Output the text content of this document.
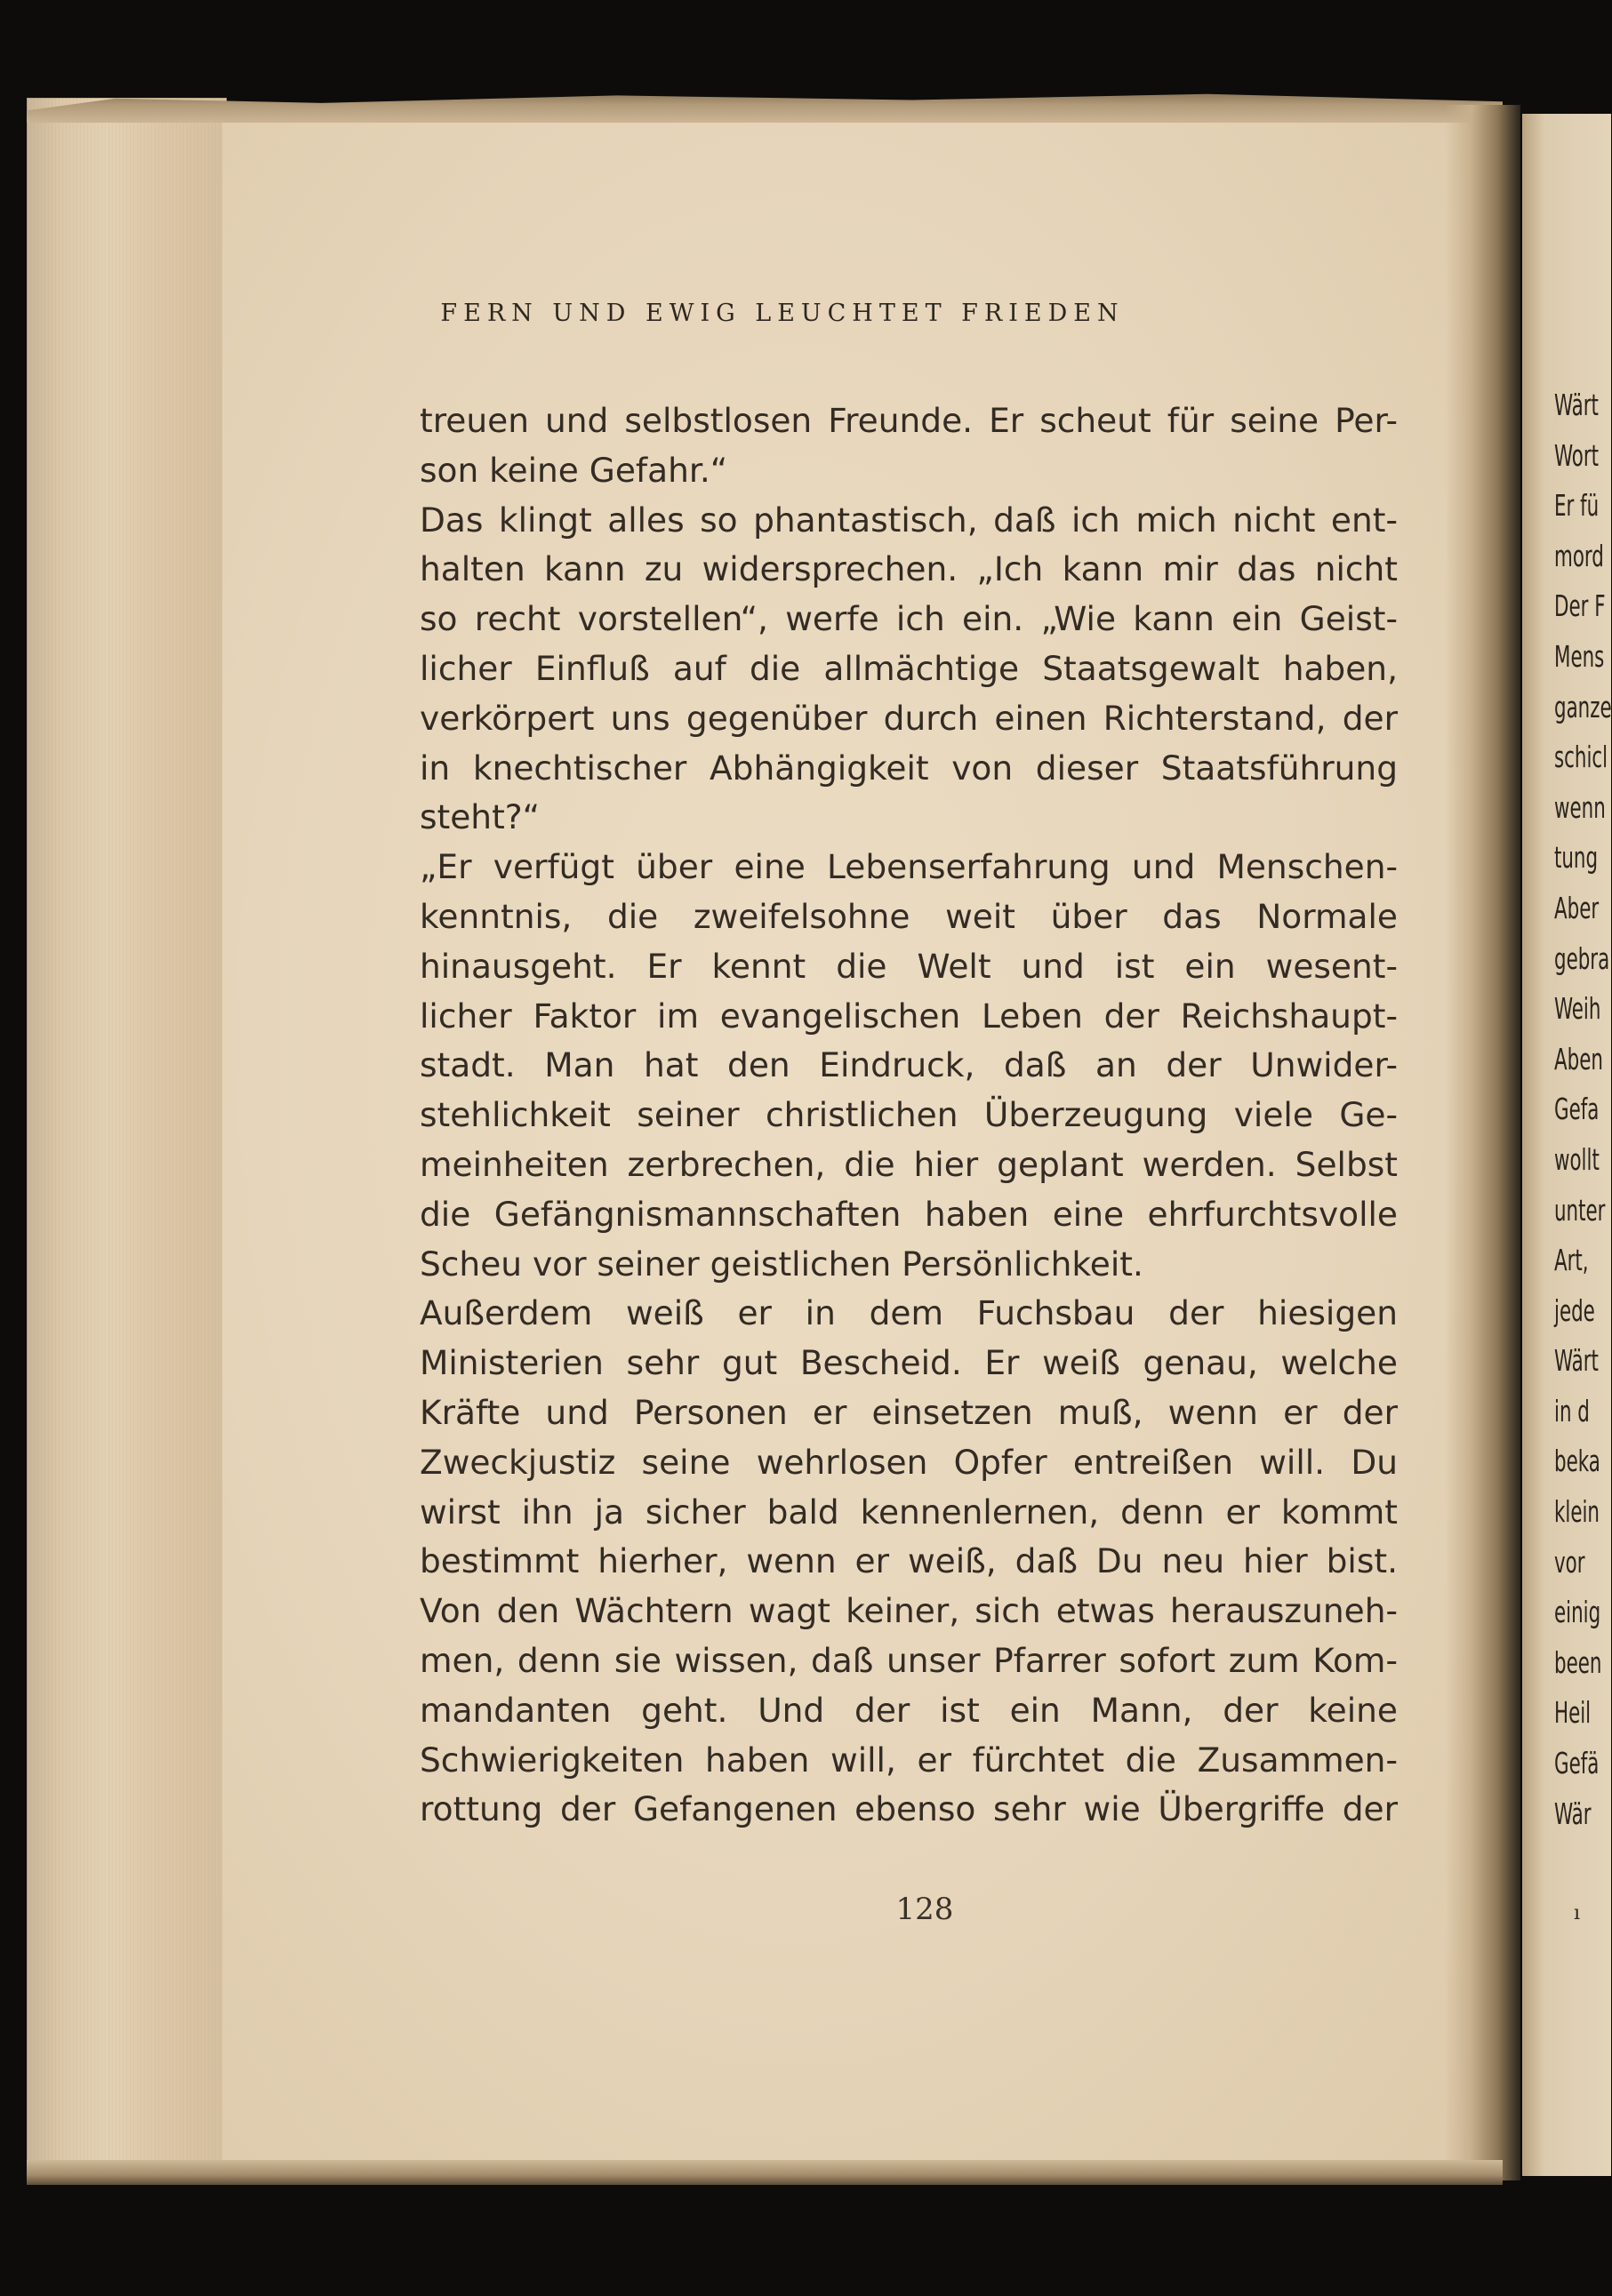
FERN UND EWIG LEUCHTET FRIEDEN
treuen und selbstlosen Freunde. Er scheut für seine Per-
son keine Gefahr.“
Das klingt alles so phantastisch, daß ich mich nicht ent-
halten kann zu widersprechen. „Ich kann mir das nicht
so recht vorstellen“, werfe ich ein. „Wie kann ein Geist-
licher Einfluß auf die allmächtige Staatsgewalt haben,
verkörpert uns gegenüber durch einen Richterstand, der
in knechtischer Abhängigkeit von dieser Staatsführung
steht?“
„Er verfügt über eine Lebenserfahrung und Menschen-
kenntnis, die zweifelsohne weit über das Normale
hinausgeht. Er kennt die Welt und ist ein wesent-
licher Faktor im evangelischen Leben der Reichshaupt-
stadt. Man hat den Eindruck, daß an der Unwider-
stehlichkeit seiner christlichen Überzeugung viele Ge-
meinheiten zerbrechen, die hier geplant werden. Selbst
die Gefängnismannschaften haben eine ehrfurchtsvolle
Scheu vor seiner geistlichen Persönlichkeit.
Außerdem weiß er in dem Fuchsbau der hiesigen
Ministerien sehr gut Bescheid. Er weiß genau, welche
Kräfte und Personen er einsetzen muß, wenn er der
Zweckjustiz seine wehrlosen Opfer entreißen will. Du
wirst ihn ja sicher bald kennenlernen, denn er kommt
bestimmt hierher, wenn er weiß, daß Du neu hier bist.
Von den Wächtern wagt keiner, sich etwas herauszuneh-
men, denn sie wissen, daß unser Pfarrer sofort zum Kom-
mandanten geht. Und der ist ein Mann, der keine
Schwierigkeiten haben will, er fürchtet die Zusammen-
rottung der Gefangenen ebenso sehr wie Übergriffe der
128
Wärt
Wort
Er fü
mord
Der F
Mens
ganze
schicl
wenn
tung
Aber
gebra
Weih
Aben
Gefa
wollt
unter
Art,
jede
Wärt
in d
beka
klein
vor
einig
been
Heil
Gefä
Wär
ı
